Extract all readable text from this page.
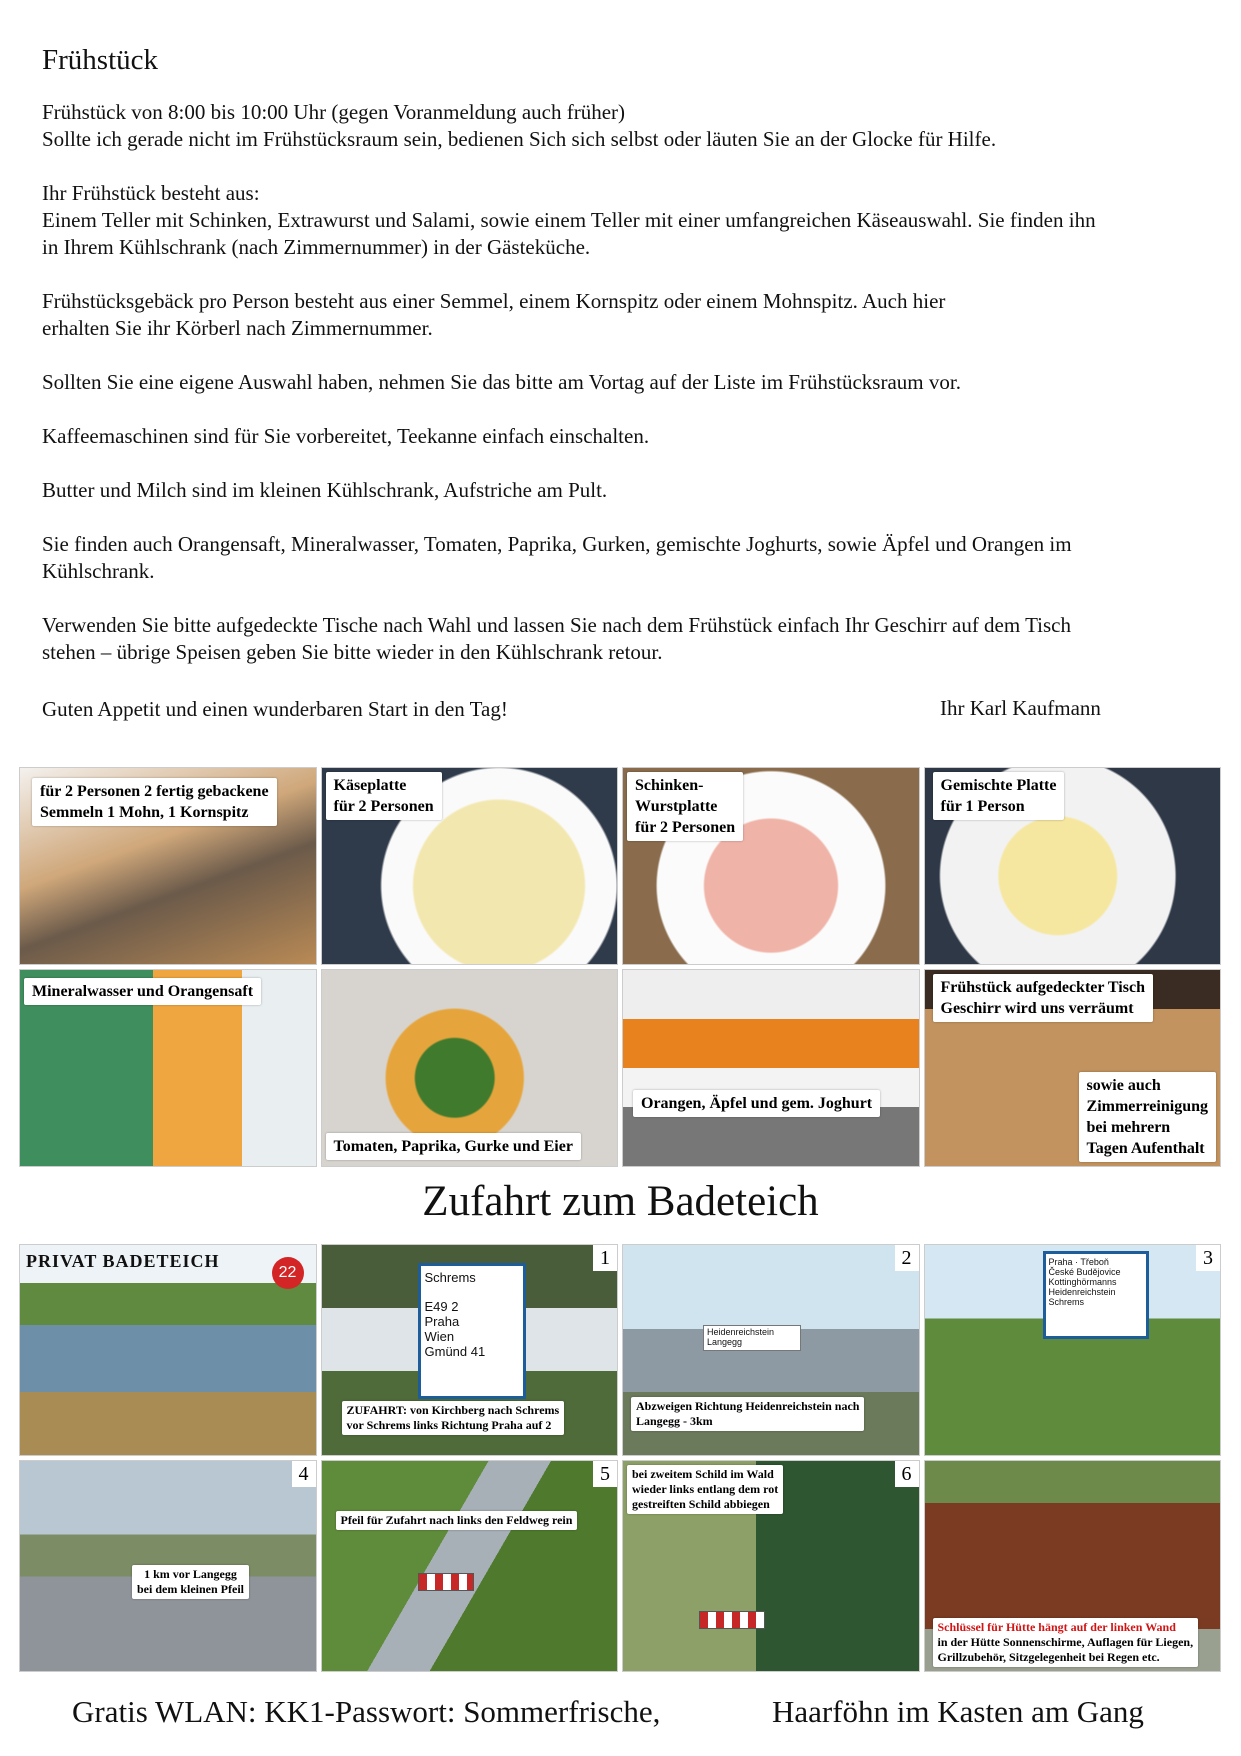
Frühstück

Frühstück von 8:00 bis 10:00 Uhr (gegen Voranmeldung auch früher)
Sollte ich gerade nicht im Frühstücksraum sein, bedienen Sich sich selbst oder läuten Sie an der Glocke für Hilfe.

Ihr Frühstück besteht aus:
Einem Teller mit Schinken, Extrawurst und Salami, sowie einem Teller mit einer umfangreichen Käseauswahl. Sie finden ihn
in Ihrem Kühlschrank (nach Zimmernummer) in der Gästeküche.

Frühstücksgebäck pro Person besteht aus einer Semmel, einem Kornspitz oder einem Mohnspitz. Auch hier
erhalten Sie ihr Körberl nach Zimmernummer.

Sollten Sie eine eigene Auswahl haben, nehmen Sie das bitte am Vortag auf der Liste im Frühstücksraum vor.

Kaffeemaschinen sind für Sie vorbereitet, Teekanne einfach einschalten.

Butter und Milch sind im kleinen Kühlschrank, Aufstriche am Pult.

Sie finden auch Orangensaft, Mineralwasser, Tomaten, Paprika, Gurken, gemischte Joghurts, sowie Äpfel und Orangen im
Kühlschrank.

Verwenden Sie bitte aufgedeckte Tische nach Wahl und lassen Sie nach dem Frühstück einfach Ihr Geschirr auf dem Tisch
stehen – übrige Speisen geben Sie bitte wieder in den Kühlschrank retour.

Guten Appetit und einen wunderbaren Start in den Tag!	Ihr Karl Kaufmann
für 2 Personen 2 fertig gebackene
Semmeln 1 Mohn, 1 Kornspitz
Käseplatte
für 2 Personen
Schinken-
Wurstplatte
für 2 Personen
Gemischte Platte
für 1 Person
Mineralwasser und Orangensaft
Tomaten, Paprika, Gurke und Eier
Orangen, Äpfel und gem. Joghurt
Frühstück aufgedeckter Tisch
Geschirr wird uns verräumt
sowie auch
Zimmerreinigung
bei mehrern
Tagen Aufenthalt
Zufahrt zum Badeteich
PRIVAT BADETEICH
22
1
Schrems
E49 2
Praha
Wien
Gmünd 41
ZUFAHRT: von Kirchberg nach Schrems
vor Schrems links Richtung Praha auf 2
2
Heidenreichstein
Langegg
Abzweigen Richtung Heidenreichstein nach
Langegg - 3km
3
Praha · Třeboň
České Budějovice
Kottinghörmanns
Heidenreichstein
Schrems
4
1 km vor Langegg
bei dem kleinen Pfeil
5
Pfeil für Zufahrt nach links den Feldweg rein
6
bei zweitem Schild im Wald
wieder links entlang dem rot
gestreiften Schild abbiegen
Schlüssel für Hütte hängt auf der linken Wand
in der Hütte Sonnenschirme, Auflagen für Liegen,
Grillzubehör, Sitzgelegenheit bei Regen etc.
Gratis WLAN: KK1-Passwort: Sommerfrische,	Haarföhn im Kasten am Gang
